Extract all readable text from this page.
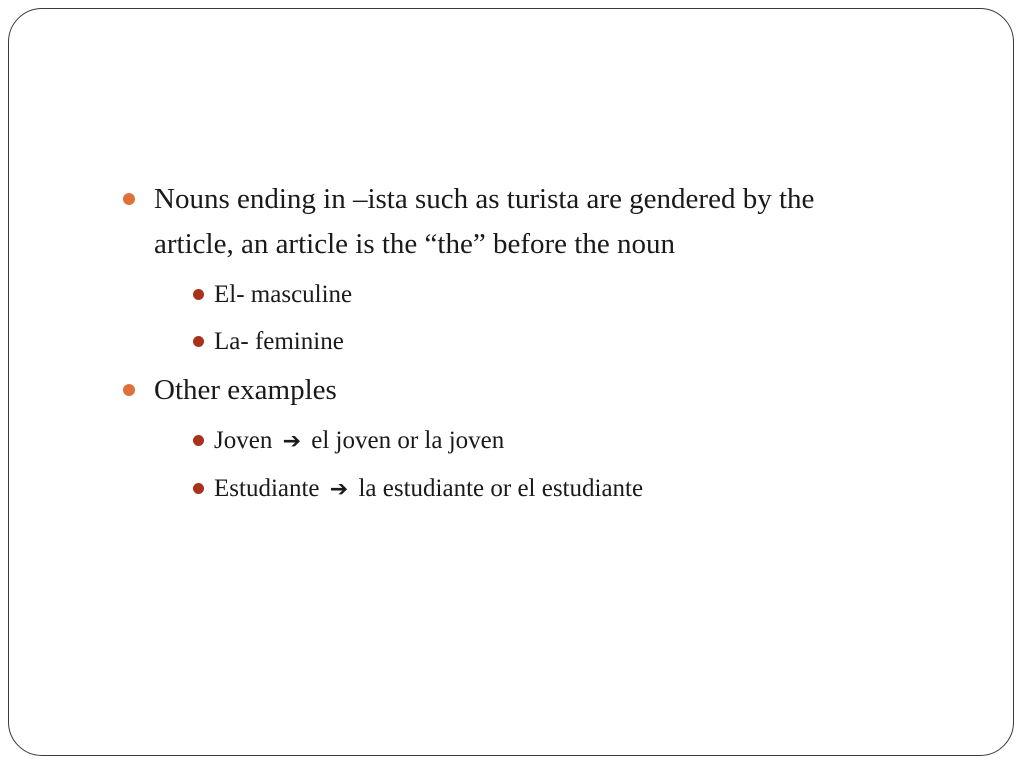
Nouns ending in –ista such as turista are gendered by the
article, an article is the “the” before the noun
El- masculine
La- feminine
Other examples
Joven ➔ el joven or la joven
Estudiante ➔ la estudiante or el estudiante
